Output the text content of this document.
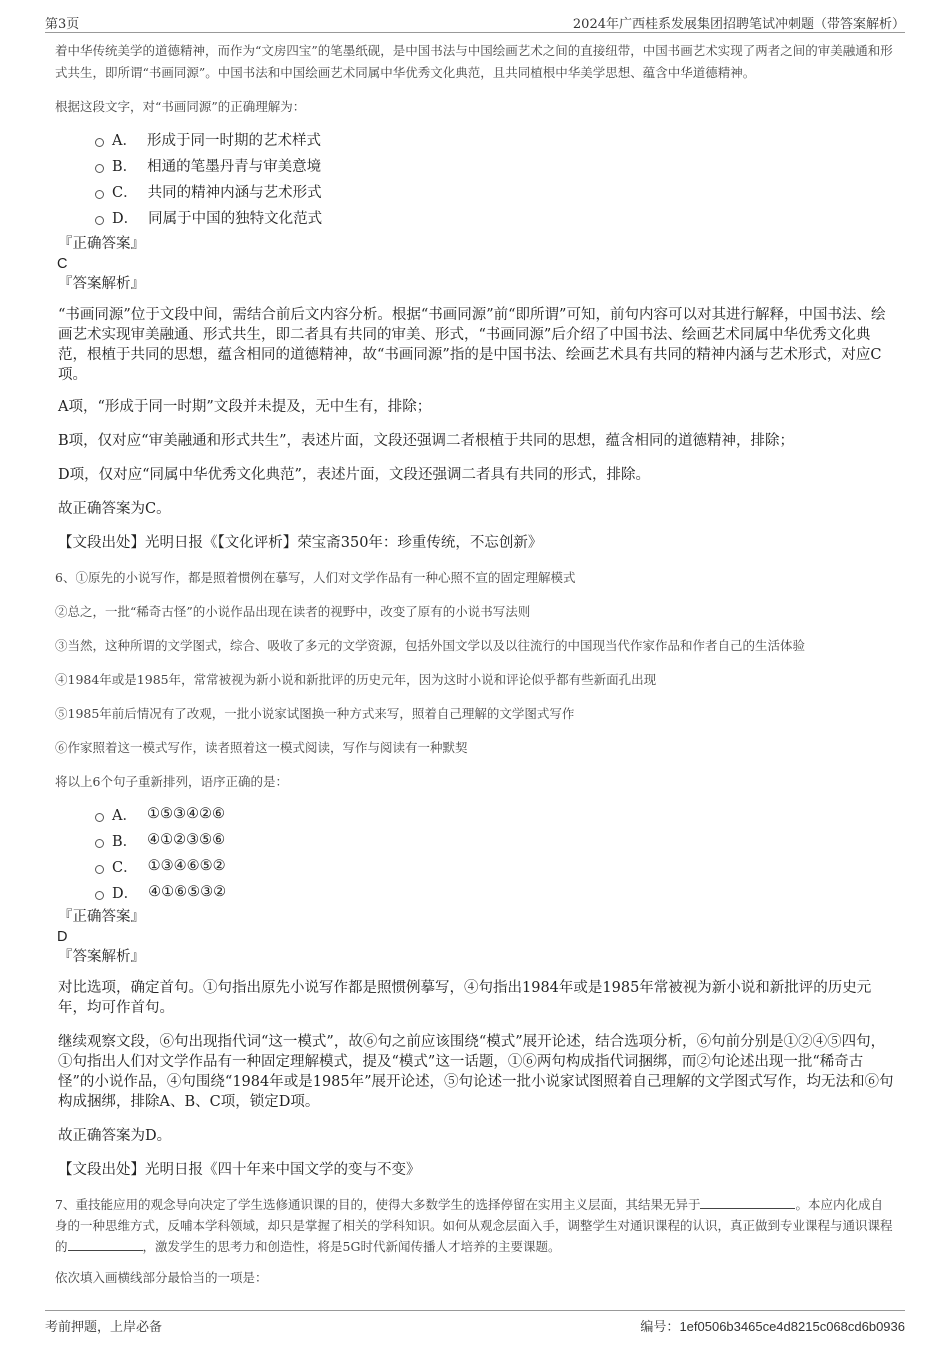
第3页	2024年广西桂系发展集团招聘笔试冲刺题（带答案解析）

着中华传统美学的道德精神，而作为“文房四宝”的笔墨纸砚，是中国书法与中国绘画艺术之间的直接纽带，中国书画艺术实现了两者之间的审美融通和形式共生，即所谓“书画同源”。中国书法和中国绘画艺术同属中华优秀文化典范，且共同植根中华美学思想、蕴含中华道德精神。

根据这段文字，对“书画同源”的正确理解为：

A． 形成于同一时期的艺术样式
B． 相通的笔墨丹青与审美意境
C． 共同的精神内涵与艺术形式
D． 同属于中国的独特文化范式

『正确答案』

C

『答案解析』

“书画同源”位于文段中间，需结合前后文内容分析。根据“书画同源”前“即所谓”可知，前句内容可以对其进行解释，中国书法、绘画艺术实现审美融通、形式共生，即二者具有共同的审美、形式，“书画同源”后介绍了中国书法、绘画艺术同属中华优秀文化典范，根植于共同的思想，蕴含相同的道德精神，故“书画同源”指的是中国书法、绘画艺术具有共同的精神内涵与艺术形式，对应C项。

A项，“形成于同一时期”文段并未提及，无中生有，排除；

B项，仅对应“审美融通和形式共生”，表述片面，文段还强调二者根植于共同的思想，蕴含相同的道德精神，排除；

D项，仅对应“同属中华优秀文化典范”，表述片面，文段还强调二者具有共同的形式，排除。

故正确答案为C。

【文段出处】光明日报《【文化评析】荣宝斋350年：珍重传统，不忘创新》

6、①原先的小说写作，都是照着惯例在摹写，人们对文学作品有一种心照不宣的固定理解模式

②总之，一批“稀奇古怪”的小说作品出现在读者的视野中，改变了原有的小说书写法则

③当然，这种所谓的文学图式，综合、吸收了多元的文学资源，包括外国文学以及以往流行的中国现当代作家作品和作者自己的生活体验

④1984年或是1985年，常常被视为新小说和新批评的历史元年，因为这时小说和评论似乎都有些新面孔出现

⑤1985年前后情况有了改观，一批小说家试图换一种方式来写，照着自己理解的文学图式写作

⑥作家照着这一模式写作，读者照着这一模式阅读，写作与阅读有一种默契

将以上6个句子重新排列，语序正确的是：

A． ①⑤③④②⑥
B． ④①②③⑤⑥
C． ①③④⑥⑤②
D． ④①⑥⑤③②

『正确答案』

D

『答案解析』

对比选项，确定首句。①句指出原先小说写作都是照惯例摹写，④句指出1984年或是1985年常被视为新小说和新批评的历史元年，均可作首句。

继续观察文段，⑥句出现指代词“这一模式”，故⑥句之前应该围绕“模式”展开论述，结合选项分析，⑥句前分别是①②④⑤四句，①句指出人们对文学作品有一种固定理解模式，提及“模式”这一话题，①⑥两句构成指代词捆绑，而②句论述出现一批“稀奇古怪”的小说作品，④句围绕“1984年或是1985年”展开论述，⑤句论述一批小说家试图照着自己理解的文学图式写作，均无法和⑥句构成捆绑，排除A、B、C项，锁定D项。

故正确答案为D。

【文段出处】光明日报《四十年来中国文学的变与不变》

7、重技能应用的观念导向决定了学生选修通识课的目的，使得大多数学生的选择停留在实用主义层面，其结果无异于	。本应内化成自身的一种思维方式，反哺本学科领域，却只是掌握了相关的学科知识。如何从观念层面入手，调整学生对通识课程的认识，真正做到专业课程与通识课程的	，激发学生的思考力和创造性，将是5G时代新闻传播人才培养的主要课题。

依次填入画横线部分最恰当的一项是：

考前押题，上岸必备	编号：1ef0506b3465ce4d8215c068cd6b0936
